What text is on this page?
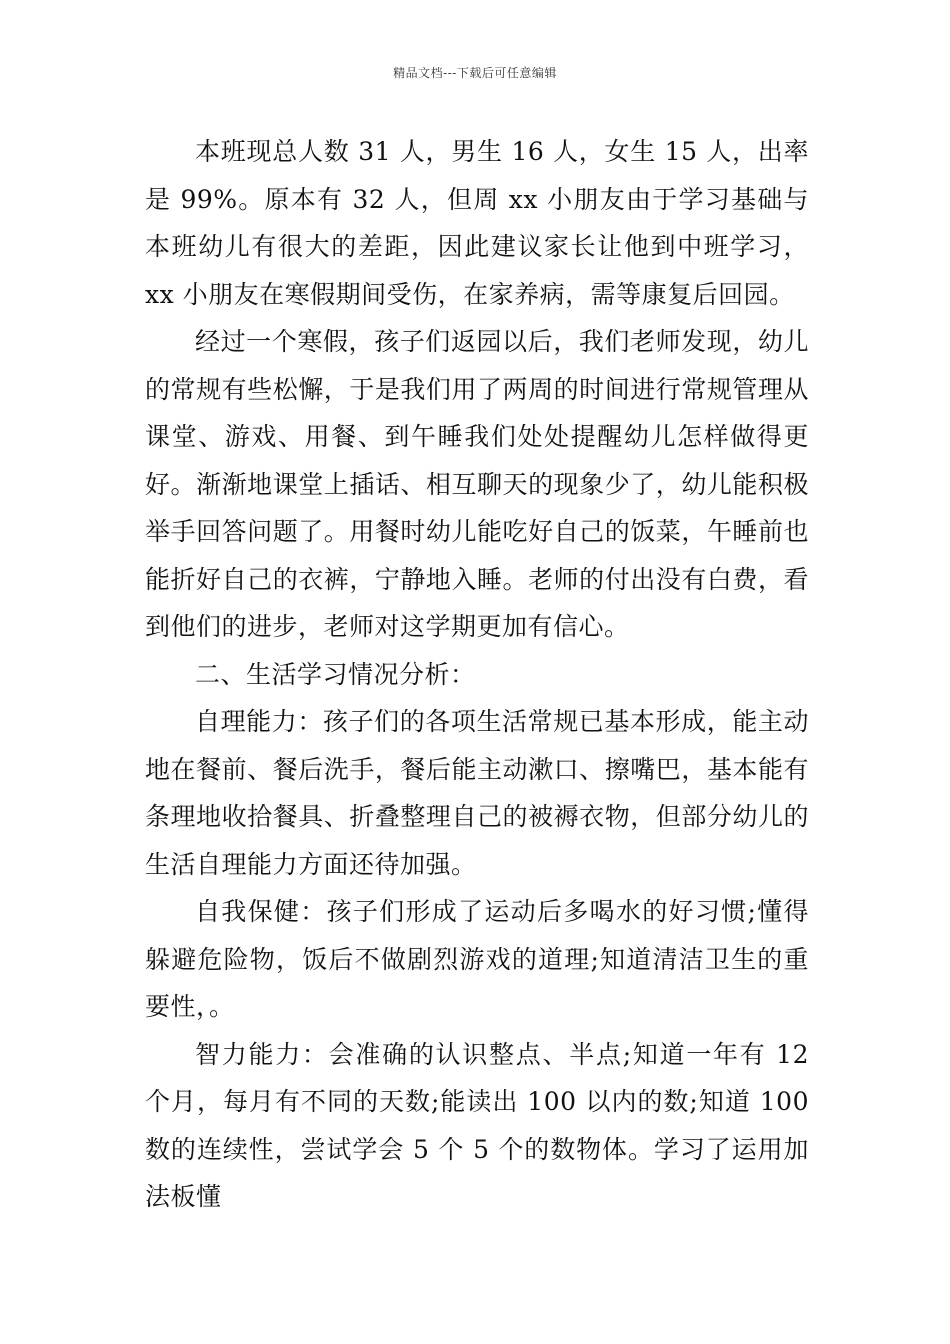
精品文档---下载后可任意编辑

本班现总人数 31 人，男生 16 人，女生 15 人，出率是 99%。原本有 32 人，但周 xx 小朋友由于学习基础与本班幼儿有很大的差距，因此建议家长让他到中班学习，xx 小朋友在寒假期间受伤，在家养病，需等康复后回园。

经过一个寒假，孩子们返园以后，我们老师发现，幼儿的常规有些松懈，于是我们用了两周的时间进行常规管理从课堂、游戏、用餐、到午睡我们处处提醒幼儿怎样做得更好。渐渐地课堂上插话、相互聊天的现象少了，幼儿能积极举手回答问题了。用餐时幼儿能吃好自己的饭菜，午睡前也能折好自己的衣裤，宁静地入睡。老师的付出没有白费，看到他们的进步，老师对这学期更加有信心。

二、生活学习情况分析：

自理能力：孩子们的各项生活常规已基本形成，能主动地在餐前、餐后洗手，餐后能主动漱口、擦嘴巴，基本能有条理地收拾餐具、折叠整理自己的被褥衣物，但部分幼儿的生活自理能力方面还待加强。

自我保健：孩子们形成了运动后多喝水的好习惯;懂得躲避危险物，饭后不做剧烈游戏的道理;知道清洁卫生的重要性，。

智力能力：会准确的认识整点、半点;知道一年有 12 个月，每月有不同的天数;能读出 100 以内的数;知道 100 数的连续性，尝试学会 5 个 5 个的数物体。学习了运用加法板懂
